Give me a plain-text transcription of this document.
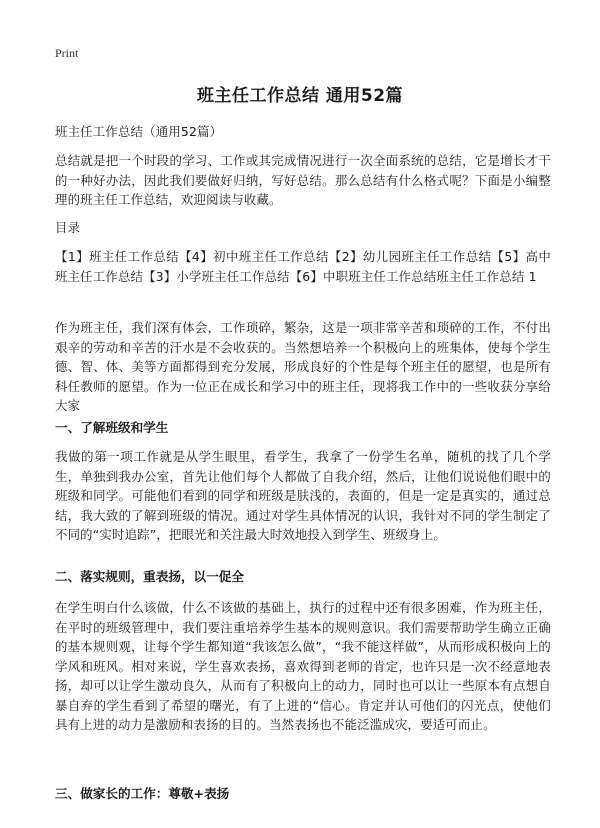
Print
班主任工作总结 通用52篇

班主任工作总结（通用52篇）

总结就是把一个时段的学习、工作或其完成情况进行一次全面系统的总结，它是增长才干的一种好办法，因此我们要做好归纳，写好总结。那么总结有什么格式呢？下面是小编整理的班主任工作总结，欢迎阅读与收藏。

目录

【1】班主任工作总结【4】初中班主任工作总结【2】幼儿园班主任工作总结【5】高中班主任工作总结【3】小学班主任工作总结【6】中职班主任工作总结班主任工作总结 1

作为班主任，我们深有体会，工作琐碎，繁杂，这是一项非常辛苦和琐碎的工作，不付出艰辛的劳动和辛苦的汗水是不会收获的。当然想培养一个积极向上的班集体，使每个学生德、智、体、美等方面都得到充分发展，形成良好的个性是每个班主任的愿望，也是所有科任教师的愿望。作为一位正在成长和学习中的班主任，现将我工作中的一些收获分享给大家

一、了解班级和学生

我做的第一项工作就是从学生眼里，看学生，我拿了一份学生名单，随机的找了几个学生，单独到我办公室，首先让他们每个人都做了自我介绍，然后，让他们说说他们眼中的班级和同学。可能他们看到的同学和班级是肤浅的，表面的，但是一定是真实的，通过总结，我大致的了解到班级的情况。通过对学生具体情况的认识，我针对不同的学生制定了不同的“实时追踪”，把眼光和关注最大时效地投入到学生、班级身上。

二、落实规则，重表扬，以一促全

在学生明白什么该做，什么不该做的基础上，执行的过程中还有很多困难，作为班主任，在平时的班级管理中，我们要注重培养学生基本的规则意识。我们需要帮助学生确立正确的基本规则观，让每个学生都知道“我该怎么做”，“我不能这样做”，从而形成积极向上的学风和班风。相对来说，学生喜欢表扬，喜欢得到老师的肯定，也许只是一次不经意地表扬，却可以让学生激动良久，从而有了积极向上的动力，同时也可以让一些原本有点想自暴自弃的学生看到了希望的曙光，有了上进的“信心。肯定并认可他们的闪光点，使他们具有上进的动力是激励和表扬的目的。当然表扬也不能泛滥成灾，要适可而止。

三、做家长的工作：尊敬+表扬
